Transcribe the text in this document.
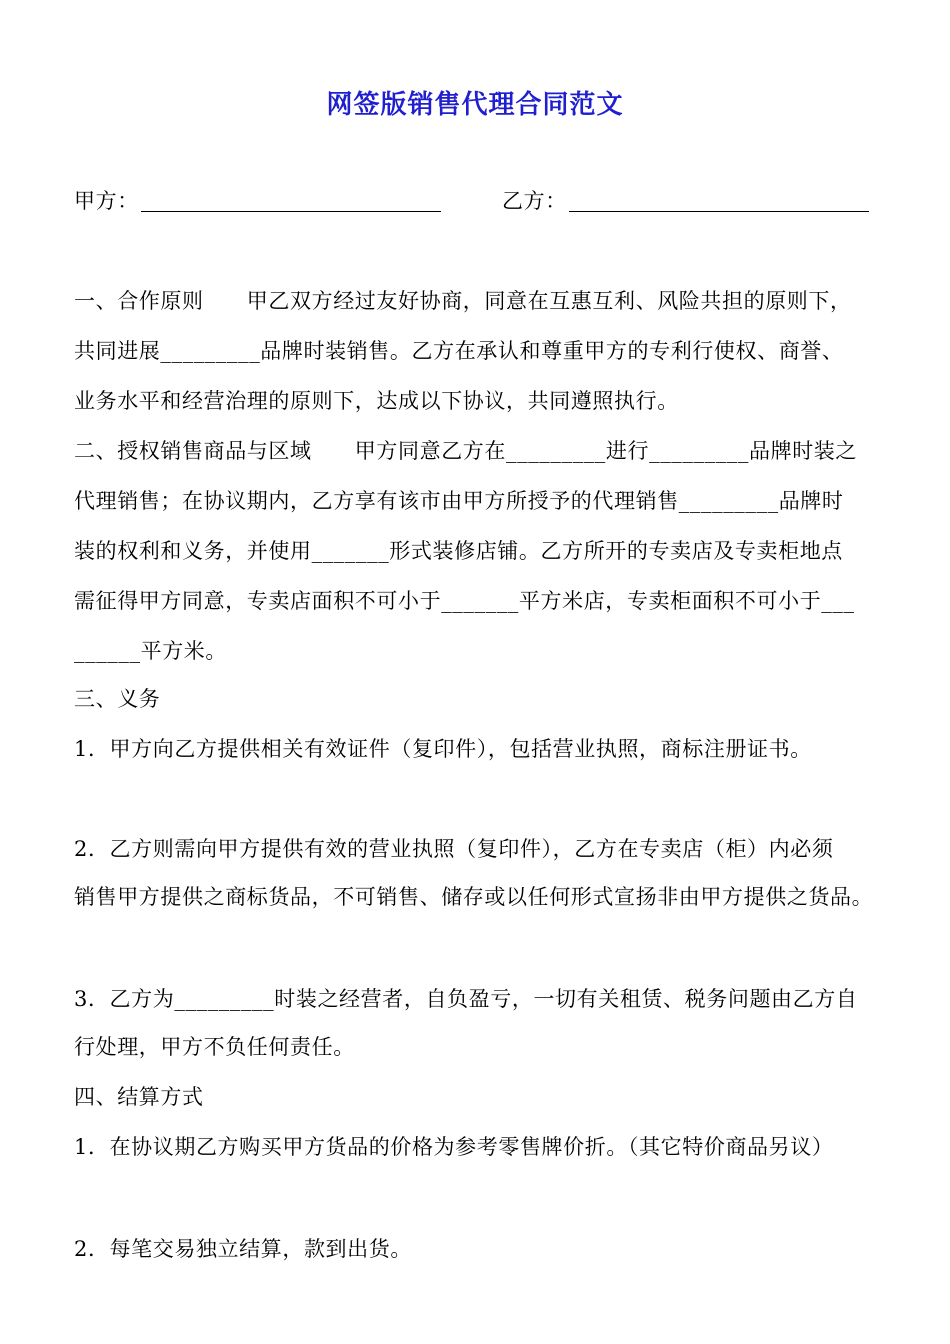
网签版销售代理合同范文
甲方：	乙方：
一、合作原则　　甲乙双方经过友好协商，同意在互惠互利、风险共担的原则下，
共同进展_________品牌时装销售。乙方在承认和尊重甲方的专利行使权、商誉、
业务水平和经营治理的原则下，达成以下协议，共同遵照执行。
二、授权销售商品与区域　　甲方同意乙方在_________进行_________品牌时装之
代理销售；在协议期内，乙方享有该市由甲方所授予的代理销售_________品牌时
装的权利和义务，并使用_______形式装修店铺。乙方所开的专卖店及专卖柜地点
需征得甲方同意，专卖店面积不可小于_______平方米店，专卖柜面积不可小于___
______平方米。
三、义务
1．甲方向乙方提供相关有效证件（复印件），包括营业执照，商标注册证书。
2．乙方则需向甲方提供有效的营业执照（复印件），乙方在专卖店（柜）内必须
销售甲方提供之商标货品，不可销售、储存或以任何形式宣扬非由甲方提供之货品。
3．乙方为_________时装之经营者，自负盈亏，一切有关租赁、税务问题由乙方自
行处理，甲方不负任何责任。
四、结算方式
1．在协议期乙方购买甲方货品的价格为参考零售牌价折。（其它特价商品另议）
2．每笔交易独立结算，款到出货。
